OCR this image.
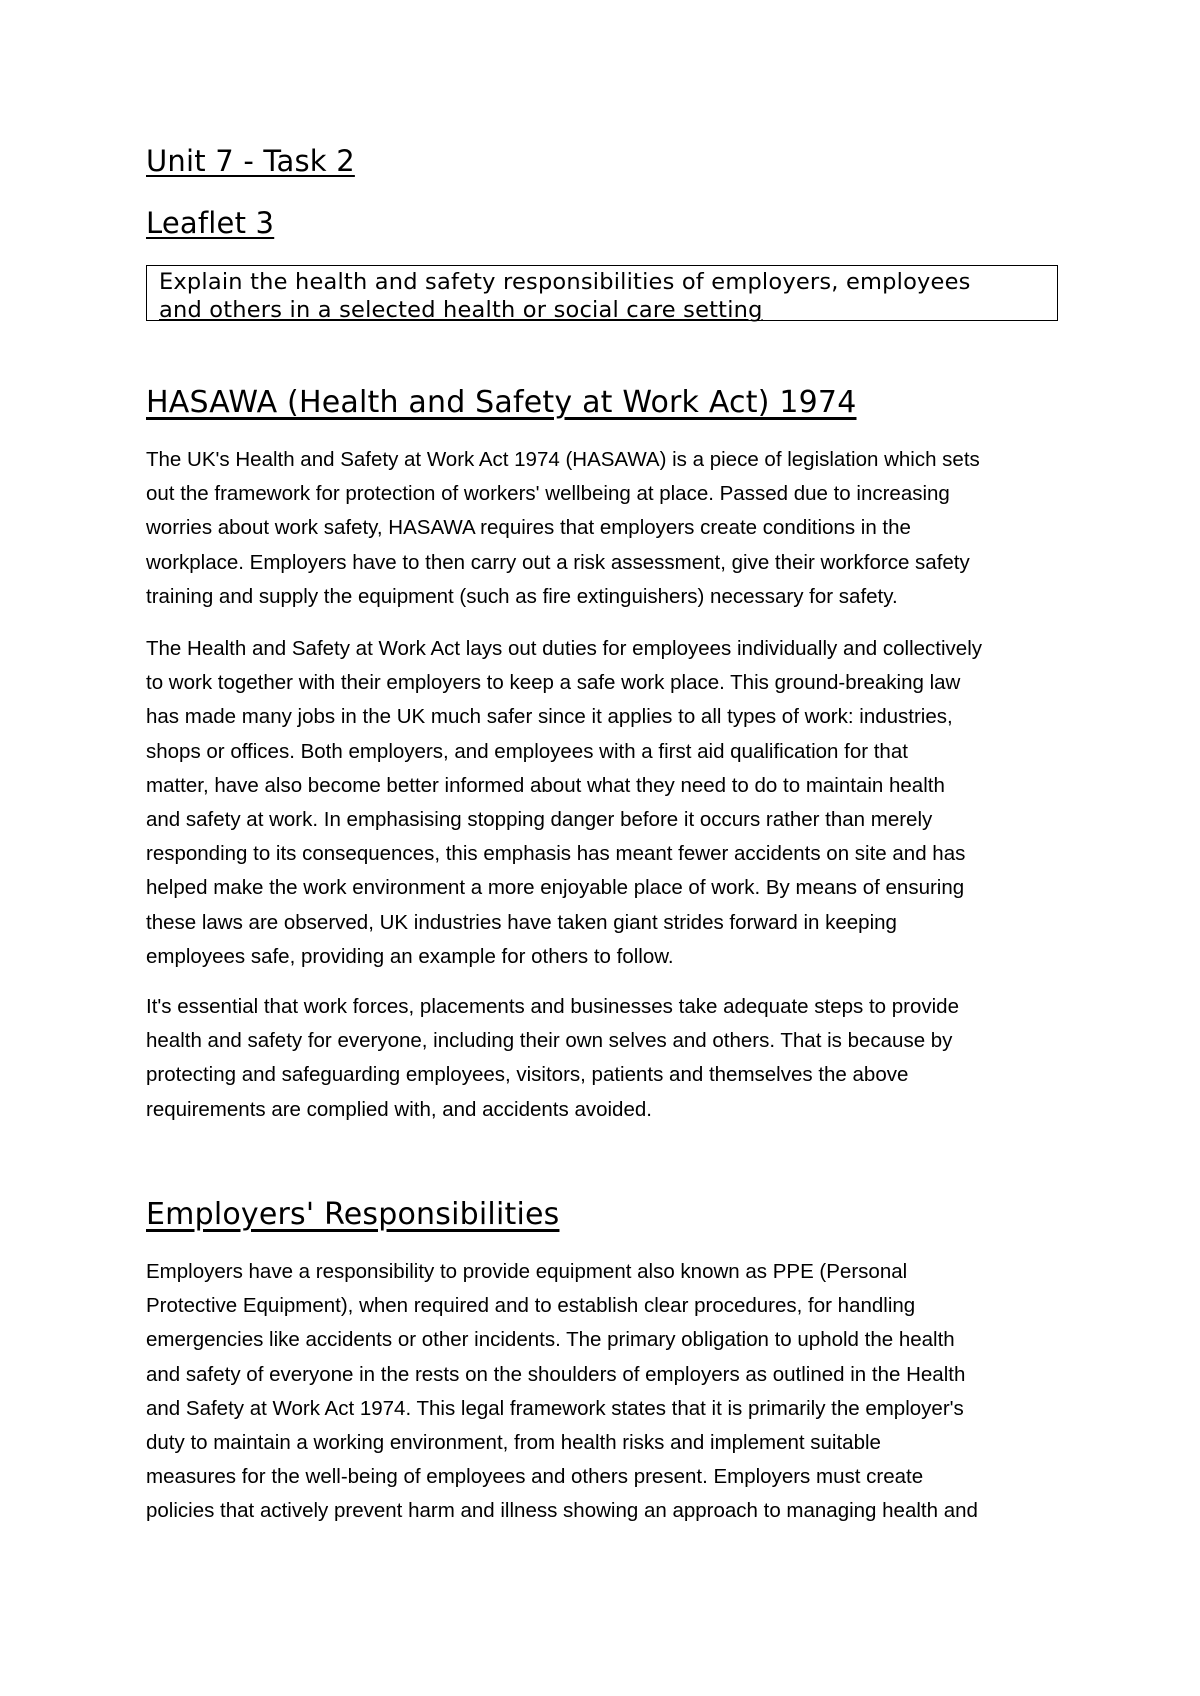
Unit 7 - Task 2
Leaflet 3
Explain the health and safety responsibilities of employers, employees
and others in a selected health or social care setting
HASAWA (Health and Safety at Work Act) 1974

The UK's Health and Safety at Work Act 1974 (HASAWA) is a piece of legislation which sets
out the framework for protection of workers' wellbeing at place. Passed due to increasing
worries about work safety, HASAWA requires that employers create conditions in the
workplace. Employers have to then carry out a risk assessment, give their workforce safety
training and supply the equipment (such as fire extinguishers) necessary for safety.

The Health and Safety at Work Act lays out duties for employees individually and collectively
to work together with their employers to keep a safe work place. This ground-breaking law
has made many jobs in the UK much safer since it applies to all types of work: industries,
shops or offices. Both employers, and employees with a first aid qualification for that
matter, have also become better informed about what they need to do to maintain health
and safety at work. In emphasising stopping danger before it occurs rather than merely
responding to its consequences, this emphasis has meant fewer accidents on site and has
helped make the work environment a more enjoyable place of work. By means of ensuring
these laws are observed, UK industries have taken giant strides forward in keeping
employees safe, providing an example for others to follow.

It's essential that work forces, placements and businesses take adequate steps to provide
health and safety for everyone, including their own selves and others. That is because by
protecting and safeguarding employees, visitors, patients and themselves the above
requirements are complied with, and accidents avoided.

Employers' Responsibilities

Employers have a responsibility to provide equipment also known as PPE (Personal
Protective Equipment), when required and to establish clear procedures, for handling
emergencies like accidents or other incidents. The primary obligation to uphold the health
and safety of everyone in the rests on the shoulders of employers as outlined in the Health
and Safety at Work Act 1974. This legal framework states that it is primarily the employer's
duty to maintain a working environment, from health risks and implement suitable
measures for the well-being of employees and others present. Employers must create
policies that actively prevent harm and illness showing an approach to managing health and
